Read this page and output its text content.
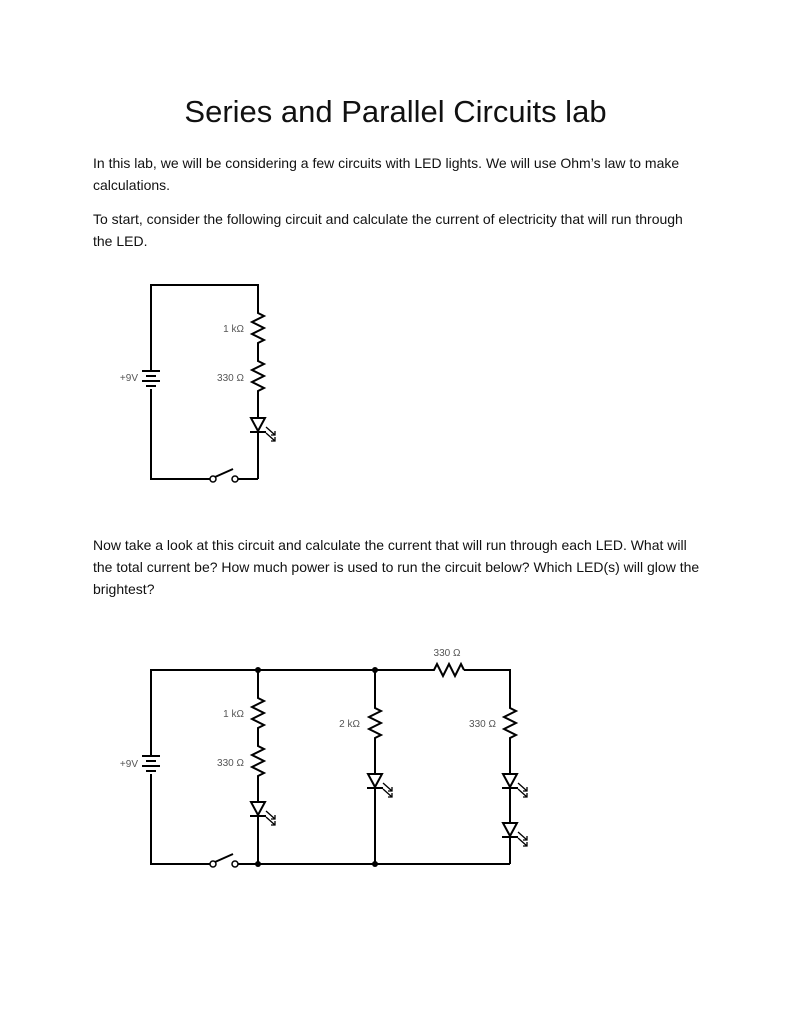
Series and Parallel Circuits lab

In this lab, we will be considering a few circuits with LED lights. We will use Ohm’s law to make calculations.

To start, consider the following circuit and calculate the current of electricity that will run through the LED.

+9V
1 kΩ
330 Ω

Now take a look at this circuit and calculate the current that will run through each LED. What will the total current be? How much power is used to run the circuit below? Which LED(s) will glow the brightest?

+9V
1 kΩ
330 Ω
2 kΩ
330 Ω
330 Ω
